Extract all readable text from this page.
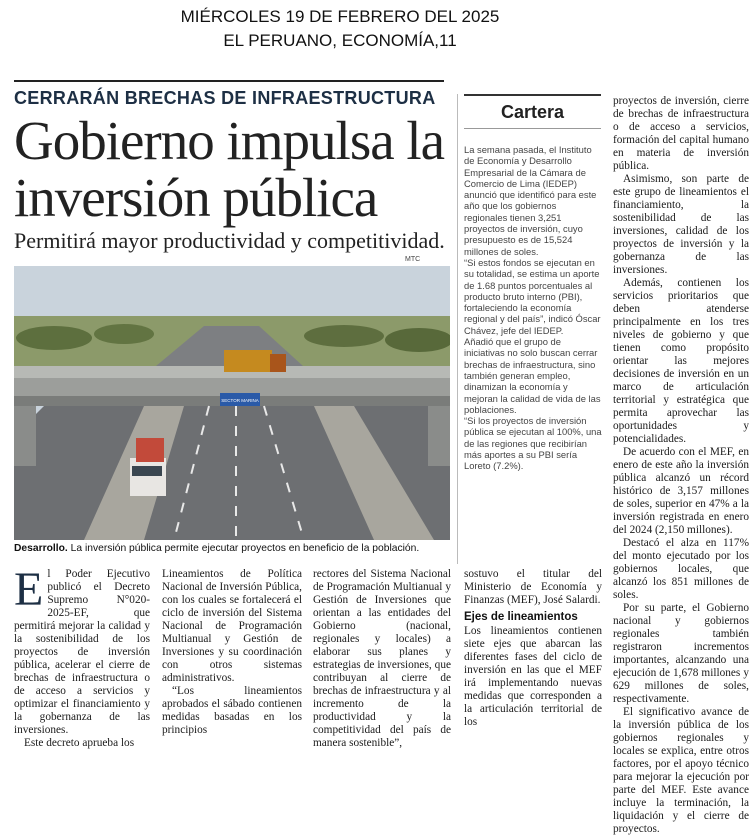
MIÉRCOLES 19 DE FEBRERO DEL 2025
EL PERUANO, ECONOMÍA,11
CERRARÁN BRECHAS DE INFRAESTRUCTURA
Gobierno impulsa la inversión pública
Permitirá mayor productividad y competitividad.
MTC
SECTOR MARINA
Desarrollo. La inversión pública permite ejecutar proyectos en beneficio de la población.

El Poder Ejecutivo publicó el Decreto Supremo N°020-2025-EF, que permitirá mejorar la calidad y la sostenibilidad de los proyectos de inversión pública, acelerar el cierre de brechas de infraestructura o de acceso a servicios y optimizar el financiamiento y la gobernanza de las inversiones.

Este decreto aprueba los

Lineamientos de Política Nacional de Inversión Pública, con los cuales se fortalecerá el ciclo de inversión del Sistema Nacional de Programación Multianual y Gestión de Inversiones y su coordinación con otros sistemas administrativos.

“Los lineamientos aprobados el sábado contienen medidas basadas en los principios

rectores del Sistema Nacional de Programación Multianual y Gestión de Inversiones que orientan a las entidades del Gobierno (nacional, regionales y locales) a elaborar sus planes y estrategias de inversiones, que contribuyan al cierre de brechas de infraestructura y al incremento de la productividad y la competitividad del país de manera sostenible”,

sostuvo el titular del Ministerio de Economía y Finanzas (MEF), José Salardi.

Ejes de lineamientos

Los lineamientos contienen siete ejes que abarcan las diferentes fases del ciclo de inversión en las que el MEF irá implementando nuevas medidas que corresponden a la articulación territorial de los

Cartera

La semana pasada, el Instituto de Economía y Desarrollo Empresarial de la Cámara de Comercio de Lima (IEDEP) anunció que identificó para este año que los gobiernos regionales tienen 3,251 proyectos de inversión, cuyo presupuesto es de 15,524 millones de soles.

“Si estos fondos se ejecutan en su totalidad, se estima un aporte de 1.68 puntos porcentuales al producto bruto interno (PBI), fortaleciendo la economía regional y del país”, indicó Óscar Chávez, jefe del IEDEP.

Añadió que el grupo de iniciativas no solo buscan cerrar brechas de infraestructura, sino también generan empleo, dinamizan la economía y mejoran la calidad de vida de las poblaciones.

“Si los proyectos de inversión pública se ejecutan al 100%, una de las regiones que recibirían más aportes a su PBI sería Loreto (7.2%).

proyectos de inversión, cierre de brechas de infraestructura o de acceso a servicios, formación del capital humano en materia de inversión pública.

Asimismo, son parte de este grupo de lineamientos el financiamiento, la sostenibilidad de las inversiones, calidad de los proyectos de inversión y la gobernanza de las inversiones.

Además, contienen los servicios prioritarios que deben atenderse principalmente en los tres niveles de gobierno y que tienen como propósito orientar las mejores decisiones de inversión en un marco de articulación territorial y estratégica que permita aprovechar las oportunidades y potencialidades.

De acuerdo con el MEF, en enero de este año la inversión pública alcanzó un récord histórico de 3,157 millones de soles, superior en 47% a la inversión registrada en enero del 2024 (2,150 millones).

Destacó el alza en 117% del monto ejecutado por los gobiernos locales, que alcanzó los 851 millones de soles.

Por su parte, el Gobierno nacional y gobiernos regionales también registraron incrementos importantes, alcanzando una ejecución de 1,678 millones y 629 millones de soles, respectivamente.

El significativo avance de la inversión pública de los gobiernos regionales y locales se explica, entre otros factores, por el apoyo técnico para mejorar la ejecución por parte del MEF. Este avance incluye la terminación, la liquidación y el cierre de proyectos.
